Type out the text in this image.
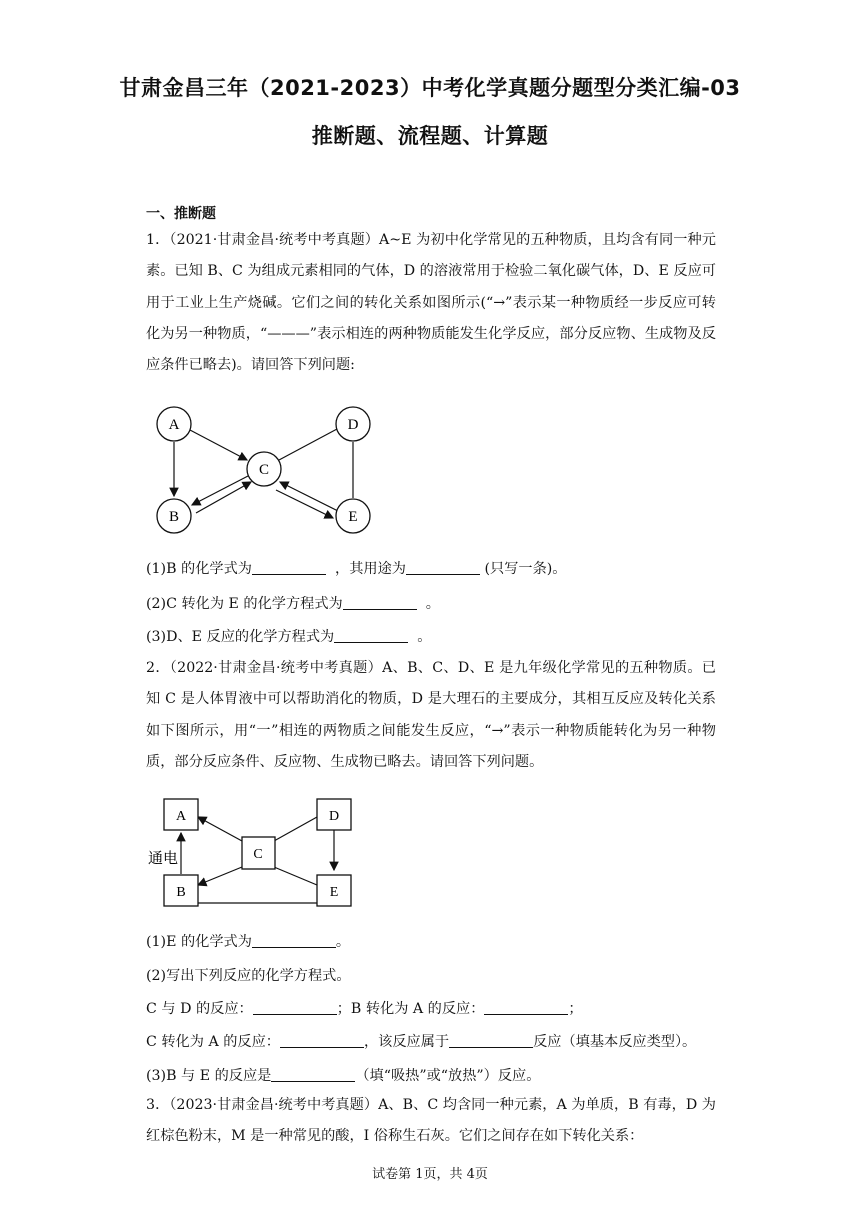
甘肃金昌三年（2021-2023）中考化学真题分题型分类汇编-03
推断题、流程题、计算题
一、推断题
1．（2021·甘肃金昌·统考中考真题）A~E 为初中化学常见的五种物质，且均含有同一种元素。已知 B、C 为组成元素相同的气体，D 的溶液常用于检验二氧化碳气体，D、E 反应可用于工业上生产烧碱。它们之间的转化关系如图所示(“→”表示某一种物质经一步反应可转化为另一种物质，“———”表示相连的两种物质能发生化学反应，部分反应物、生成物及反应条件已略去)。请回答下列问题:
A
B
C
D
E
(1)B 的化学式为	，其用途为	(只写一条)。
(2)C 转化为 E 的化学方程式为	。
(3)D、E 反应的化学方程式为	。
2．（2022·甘肃金昌·统考中考真题）A、B、C、D、E 是九年级化学常见的五种物质。已知 C 是人体胃液中可以帮助消化的物质，D 是大理石的主要成分，其相互反应及转化关系如下图所示，用“一”相连的两物质之间能发生反应，“→”表示一种物质能转化为另一种物质，部分反应条件、反应物、生成物已略去。请回答下列问题。
通电
A
B
C
D
E
(1)E 的化学式为	。
(2)写出下列反应的化学方程式。
C 与 D 的反应：	；B 转化为 A 的反应：	；
C 转化为 A 的反应：	，该反应属于	反应（填基本反应类型）。
(3)B 与 E 的反应是	（填“吸热”或“放热”）反应。
3．（2023·甘肃金昌·统考中考真题）A、B、C 均含同一种元素，A 为单质，B 有毒，D 为红棕色粉末，M 是一种常见的酸，I 俗称生石灰。它们之间存在如下转化关系：
试卷第 1页，共 4页
